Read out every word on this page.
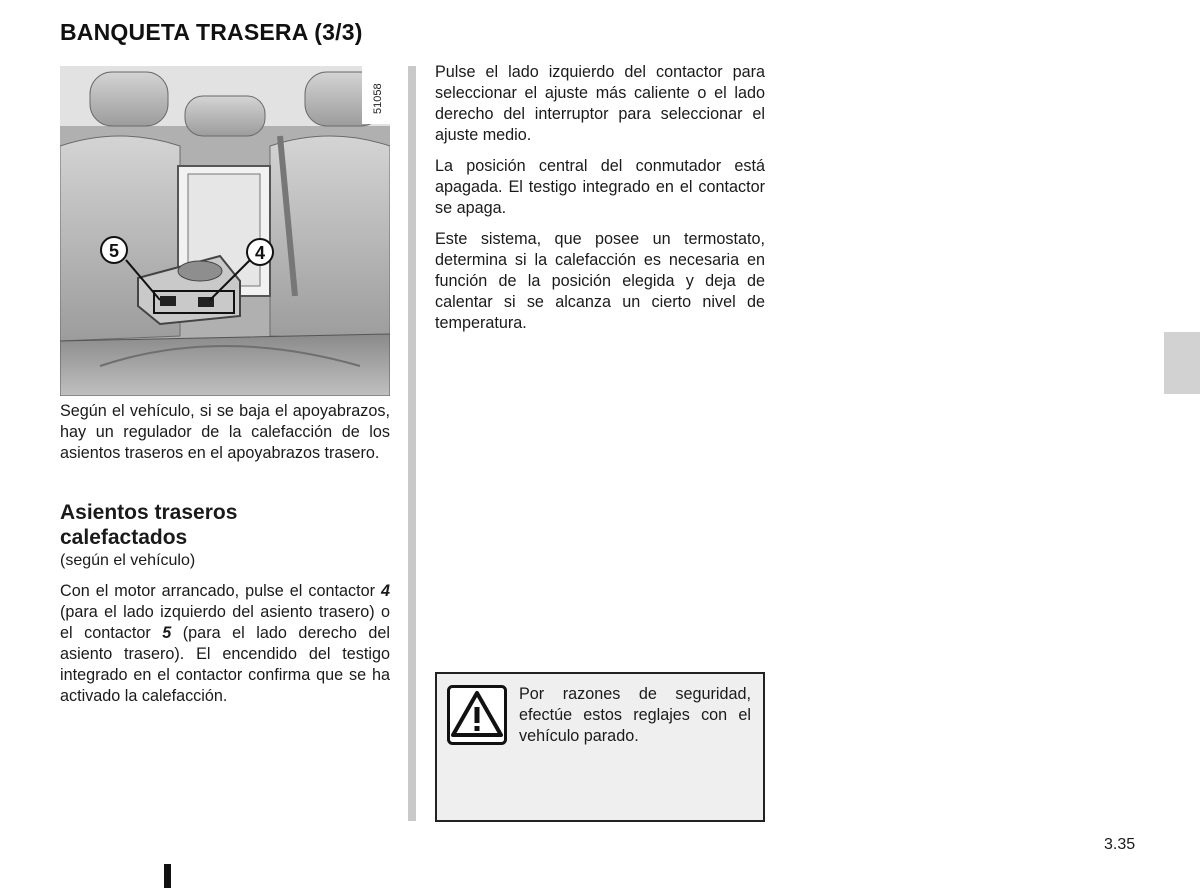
BANQUETA TRASERA (3/3)
5	4
51058

Según el vehículo, si se baja el apoyabrazos, hay un regulador de la calefacción de los asientos traseros en el apoyabrazos trasero.

Asientos traseros calefactados
(según el vehículo)

Con el motor arrancado, pulse el contactor 4 (para el lado izquierdo del asiento trasero) o el contactor 5 (para el lado derecho del asiento trasero). El encendido del testigo integrado en el contactor confirma que se ha activado la calefacción.

Pulse el lado izquierdo del contactor para seleccionar el ajuste más caliente o el lado derecho del interruptor para seleccionar el ajuste medio.

La posición central del conmutador está apagada. El testigo integrado en el contactor se apaga.

Este sistema, que posee un termostato, determina si la calefacción es necesaria en función de la posición elegida y deja de calentar si se alcanza un cierto nivel de temperatura.

Por razones de seguridad, efectúe estos reglajes con el vehículo parado.
3.35
